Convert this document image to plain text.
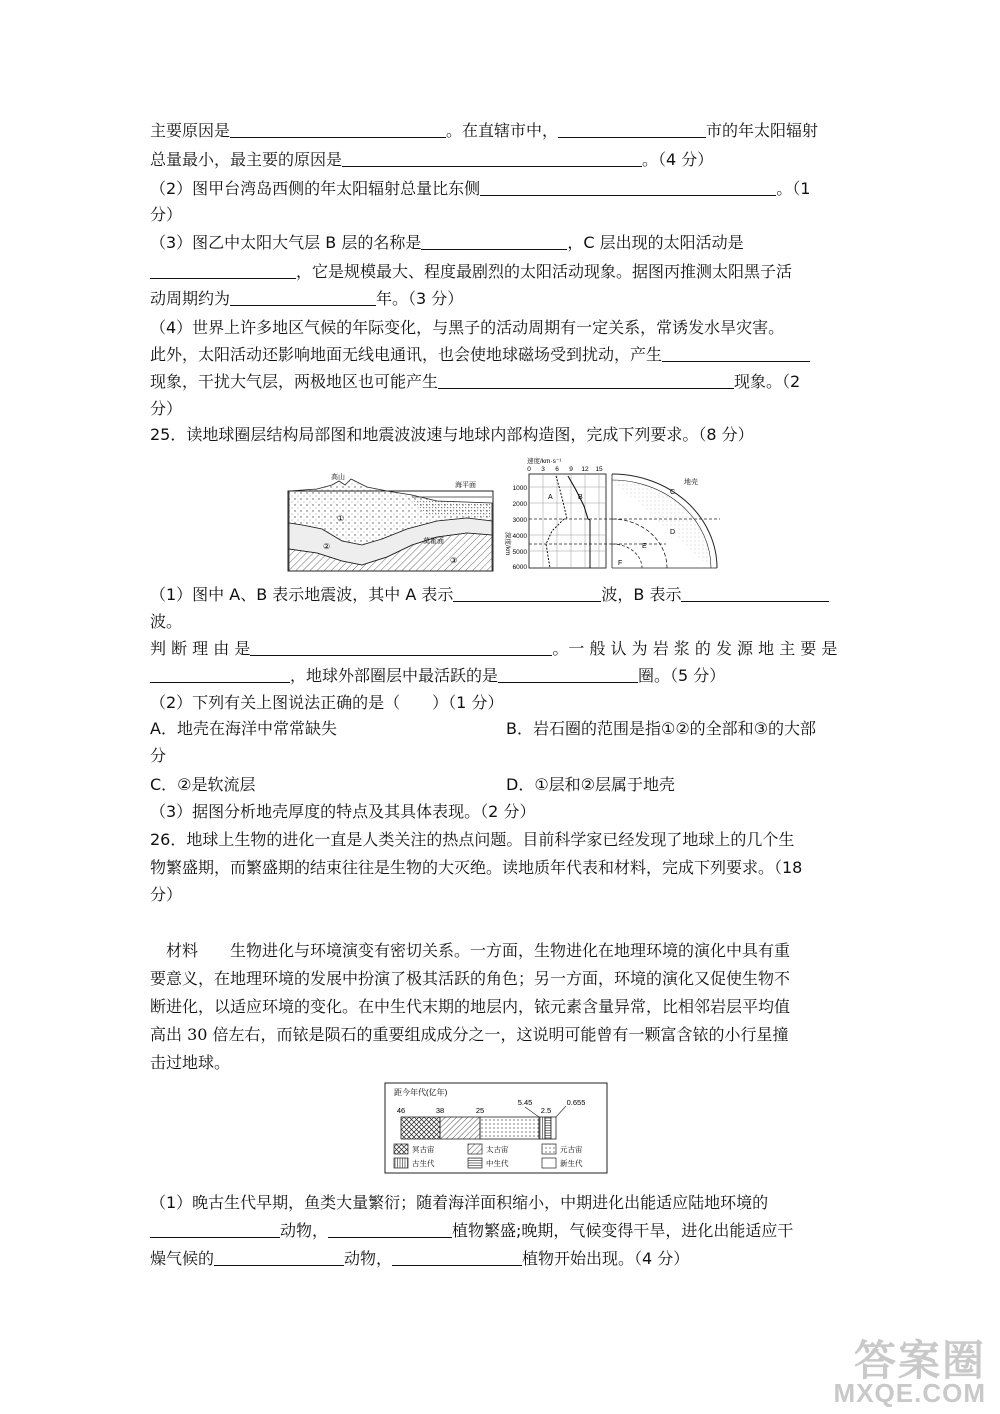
主要原因是	。在直辖市中，	市的年太阳辐射
总量最小，最主要的原因是	。（4 分）
（2）图甲台湾岛西侧的年太阳辐射总量比东侧	。（1
分）
（3）图乙中太阳大气层 B 层的名称是	，C 层出现的太阳活动是
，它是规模最大、程度最剧烈的太阳活动现象。据图丙推测太阳黑子活
动周期约为	年。（3 分）
（4）世界上许多地区气候的年际变化，与黑子的活动周期有一定关系，常诱发水旱灾害。
此外，太阳活动还影响地面无线电通讯，也会使地球磁场受到扰动，产生
现象，干扰大气层，两极地区也可能产生	现象。（2
分）
25．读地球圈层结构局部图和地震波波速与地球内部构造图，完成下列要求。（8 分）
高山
海平面
莫霍面
①
②
③
速度/km·s⁻¹
0 3 6 9 12 15
深度/km
1000
2000
3000
4000
5000
6000
A	B
地壳
C
D
E
F
（1）图中 A、B 表示地震波，其中 A 表示	波，B 表示
波。
判 断 理 由 是	。一 般 认 为 岩 浆 的 发 源 地 主 要 是
，地球外部圈层中最活跃的是	圈。（5 分）
（2）下列有关上图说法正确的是（　　）（1 分）
A．地壳在海洋中常常缺失	B．岩石圈的范围是指①②的全部和③的大部
分
C．②是软流层	D．①层和②层属于地壳
（3）据图分析地壳厚度的特点及其具体表现。（2 分）
26．地球上生物的进化一直是人类关注的热点问题。目前科学家已经发现了地球上的几个生
物繁盛期，而繁盛期的结束往往是生物的大灭绝。读地质年代表和材料，完成下列要求。（18
分）
　材料　　生物进化与环境演变有密切关系。一方面，生物进化在地理环境的演化中具有重
要意义，在地理环境的发展中扮演了极其活跃的角色；另一方面，环境的演化又促使生物不
断进化，以适应环境的变化。在中生代末期的地层内，铱元素含量异常，比相邻岩层平均值
高出 30 倍左右，而铱是陨石的重要组成成分之一，这说明可能曾有一颗富含铱的小行星撞
击过地球。
距今年代(亿年)
46	38	25
5.45
2.5
0.655
冥古宙	太古宙	元古宙
古生代	中生代	新生代
（1）晚古生代早期，鱼类大量繁衍；随着海洋面积缩小，中期进化出能适应陆地环境的
动物，	植物繁盛;晚期，气候变得干旱，进化出能适应干
燥气候的	动物，	植物开始出现。（4 分）
答案圈
MXQE.COM
